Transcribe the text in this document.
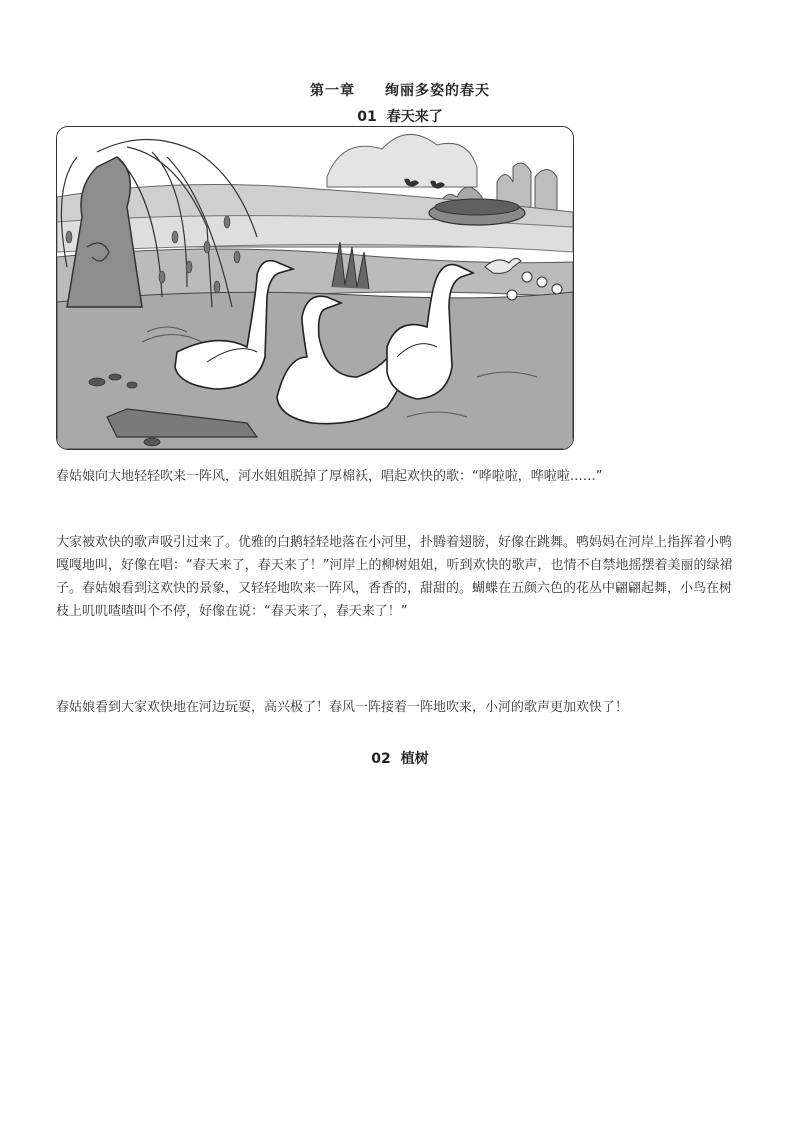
第一章 绚丽多姿的春天
01 春天来了

春姑娘向大地轻轻吹来一阵风，河水姐姐脱掉了厚棉袄，唱起欢快的歌：“哗啦啦，哗啦啦……”

大家被欢快的歌声吸引过来了。优雅的白鹅轻轻地落在小河里，扑腾着翅膀，好像在跳舞。鸭妈妈在河岸上指挥着小鸭嘎嘎地叫，好像在唱：“春天来了，春天来了！”河岸上的柳树姐姐，听到欢快的歌声，也情不自禁地摇摆着美丽的绿裙子。春姑娘看到这欢快的景象，又轻轻地吹来一阵风，香香的，甜甜的。蝴蝶在五颜六色的花丛中翩翩起舞，小鸟在树枝上叽叽喳喳叫个不停，好像在说：“春天来了，春天来了！”

春姑娘看到大家欢快地在河边玩耍，高兴极了！春风一阵接着一阵地吹来，小河的歌声更加欢快了！

02 植树
